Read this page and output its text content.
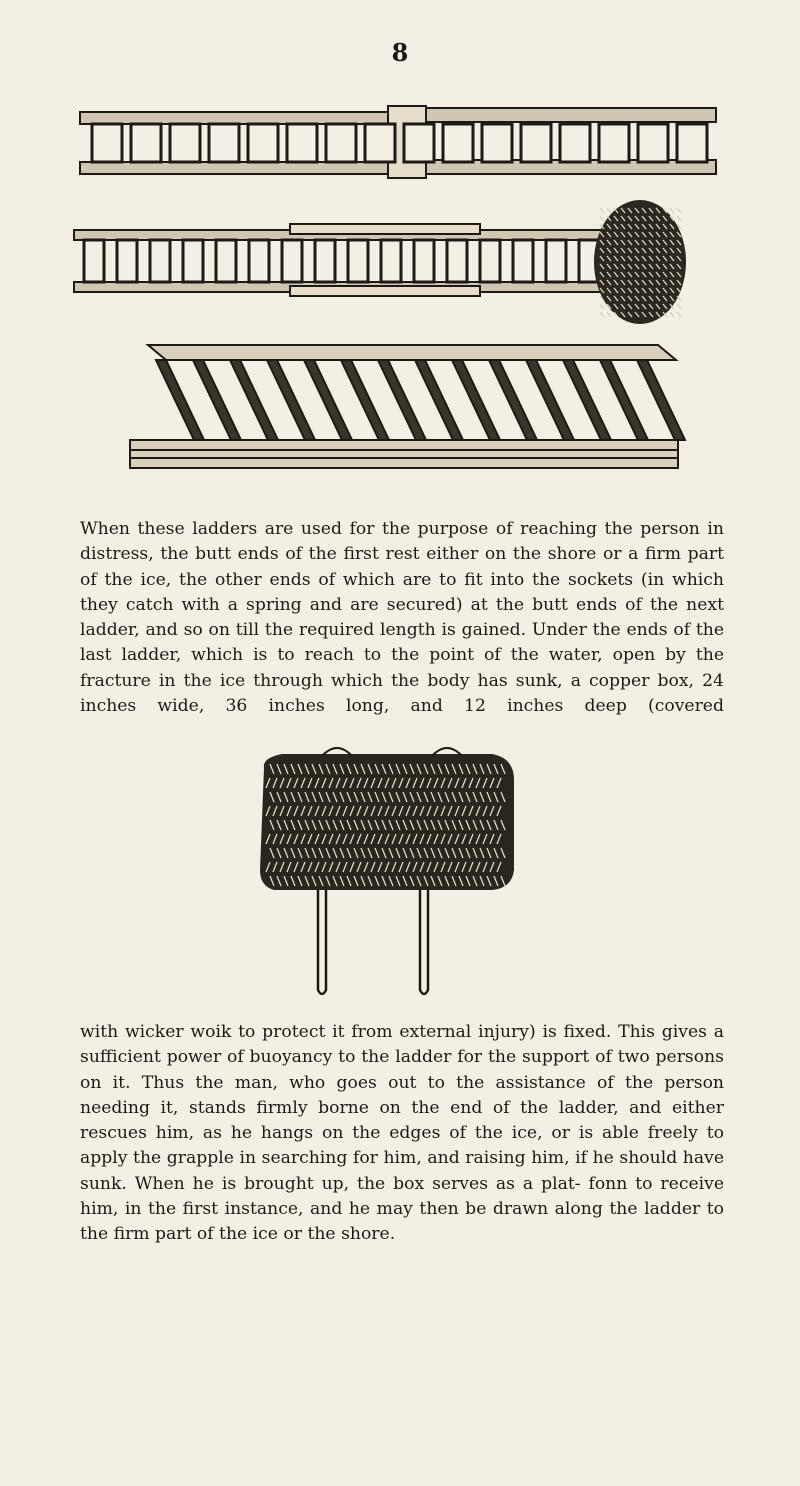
8

When these ladders are used for the purpose of reaching the person in distress, the butt ends of the first rest either on the shore or a firm part of the ice, the other ends of which are to fit into the sockets (in which they catch with a spring and are secured) at the butt ends of the next ladder, and so on till the required length is gained. Under the ends of the last ladder, which is to reach to the point of the water, open by the fracture in the ice through which the body has sunk, a copper box, 24 inches wide, 36 inches long, and 12 inches deep (covered

with wicker woik to protect it from external injury) is fixed. This gives a sufficient power of buoyancy to the ladder for the support of two persons on it. Thus the man, who goes out to the assistance of the person needing it, stands firmly borne on the end of the ladder, and either rescues him, as he hangs on the edges of the ice, or is able freely to apply the grapple in searching for him, and raising him, if he should have sunk. When he is brought up, the box serves as a plat- fonn to receive him, in the first instance, and he may then be drawn along the ladder to the firm part of the ice or the shore.
